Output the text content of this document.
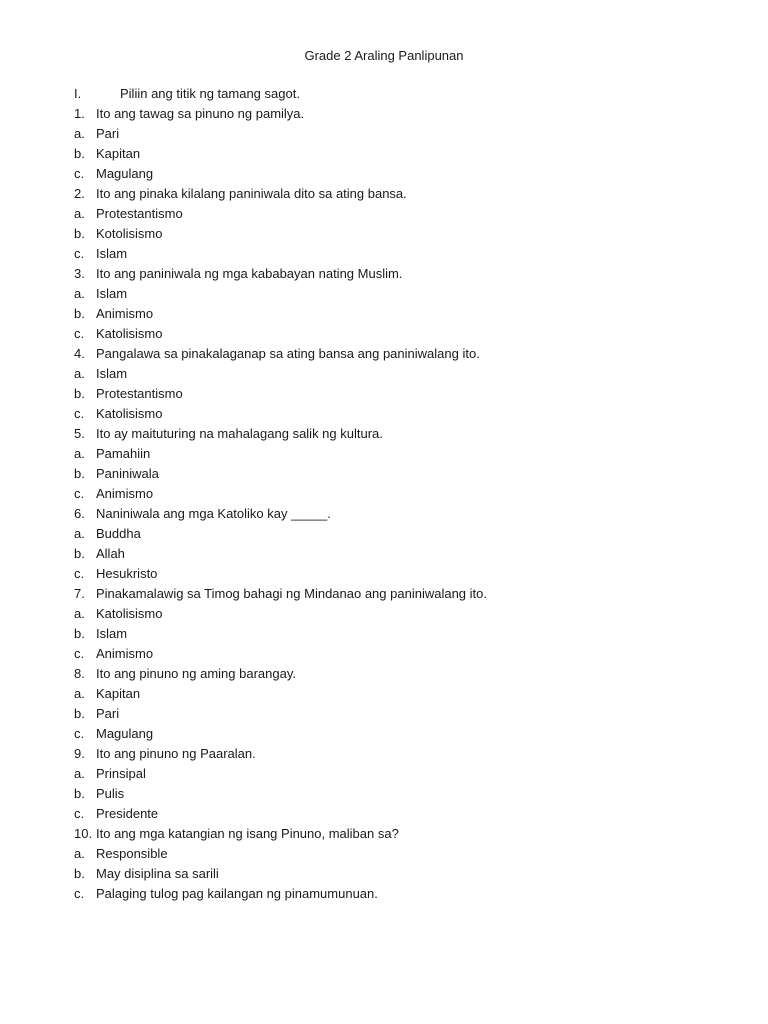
Grade 2 Araling Panlipunan
I.	Piliin ang titik ng tamang sagot.
1. Ito ang tawag sa pinuno ng pamilya.
a. Pari
b. Kapitan
c. Magulang
2. Ito ang pinaka kilalang paniniwala dito sa ating bansa.
a. Protestantismo
b. Kotolisismo
c. Islam
3. Ito ang paniniwala ng mga kababayan nating Muslim.
a. Islam
b. Animismo
c. Katolisismo
4. Pangalawa sa pinakalaganap sa ating bansa ang paniniwalang ito.
a. Islam
b. Protestantismo
c. Katolisismo
5. Ito ay maituturing na mahalagang salik ng kultura.
a. Pamahiin
b. Paniniwala
c. Animismo
6. Naniniwala ang mga Katoliko kay _____.
a. Buddha
b. Allah
c. Hesukristo
7. Pinakamalawig sa Timog bahagi ng Mindanao ang paniniwalang ito.
a. Katolisismo
b. Islam
c. Animismo
8. Ito ang pinuno ng aming barangay.
a. Kapitan
b. Pari
c. Magulang
9. Ito ang pinuno ng Paaralan.
a. Prinsipal
b. Pulis
c. Presidente
10. Ito ang mga katangian ng isang Pinuno, maliban sa?
a. Responsible
b. May disiplina sa sarili
c. Palaging tulog pag kailangan ng pinamumunuan.
